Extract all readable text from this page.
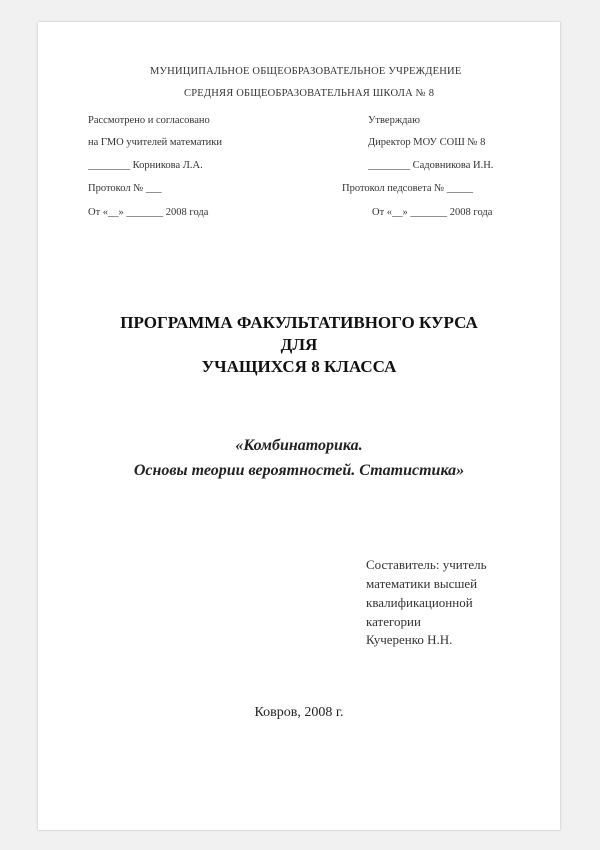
МУНИЦИПАЛЬНОЕ ОБЩЕОБРАЗОВАТЕЛЬНОЕ УЧРЕЖДЕНИЕ
СРЕДНЯЯ ОБЩЕОБРАЗОВАТЕЛЬНАЯ ШКОЛА № 8
Рассмотрено и согласовано
на ГМО учителей математики
________ Корникова Л.А.
Протокол № ___
От «__» _______ 2008 года
Утверждаю
Директор МОУ СОШ № 8
________ Садовникова И.Н.
Протокол педсовета № _____
От «__» _______ 2008 года
ПРОГРАММА ФАКУЛЬТАТИВНОГО КУРСА
ДЛЯ
УЧАЩИХСЯ 8 КЛАССА
«Комбинаторика.
Основы теории вероятностей. Статистика»
Составитель: учитель
математики высшей
квалификационной
категории
Кучеренко Н.Н.
Ковров, 2008 г.
